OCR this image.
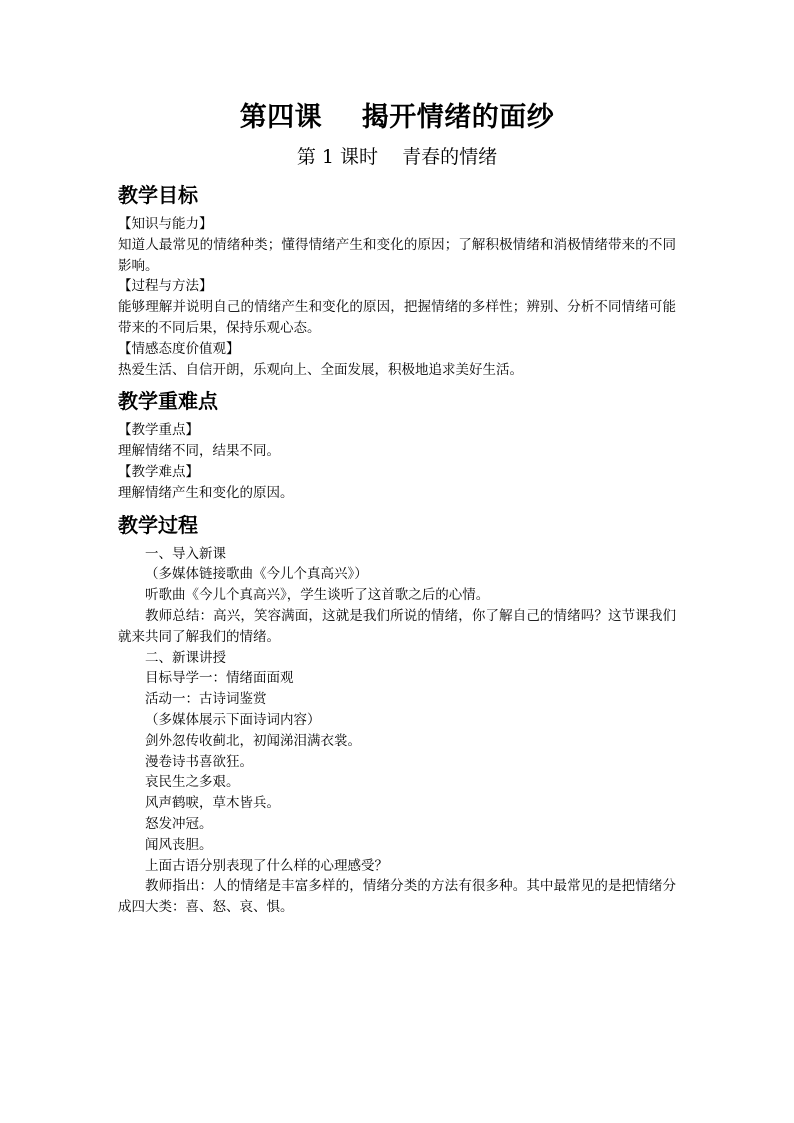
第四课    揭开情绪的面纱
第 1 课时    青春的情绪
教学目标

【知识与能力】

知道人最常见的情绪种类；懂得情绪产生和变化的原因；了解积极情绪和消极情绪带来的不同影响。

【过程与方法】

能够理解并说明自己的情绪产生和变化的原因，把握情绪的多样性；辨别、分析不同情绪可能带来的不同后果，保持乐观心态。

【情感态度价值观】

热爱生活、自信开朗，乐观向上、全面发展，积极地追求美好生活。

教学重难点

【教学重点】

理解情绪不同，结果不同。

【教学难点】

理解情绪产生和变化的原因。

教学过程

一、导入新课

（多媒体链接歌曲《今儿个真高兴》）

听歌曲《今儿个真高兴》，学生谈听了这首歌之后的心情。

教师总结：高兴，笑容满面，这就是我们所说的情绪，你了解自己的情绪吗？这节课我们就来共同了解我们的情绪。

二、新课讲授

目标导学一：情绪面面观

活动一：古诗词鉴赏

（多媒体展示下面诗词内容）

剑外忽传收蓟北，初闻涕泪满衣裳。

漫卷诗书喜欲狂。

哀民生之多艰。

风声鹤唳，草木皆兵。

怒发冲冠。

闻风丧胆。

上面古语分别表现了什么样的心理感受？

教师指出：人的情绪是丰富多样的，情绪分类的方法有很多种。其中最常见的是把情绪分成四大类：喜、怒、哀、惧。
